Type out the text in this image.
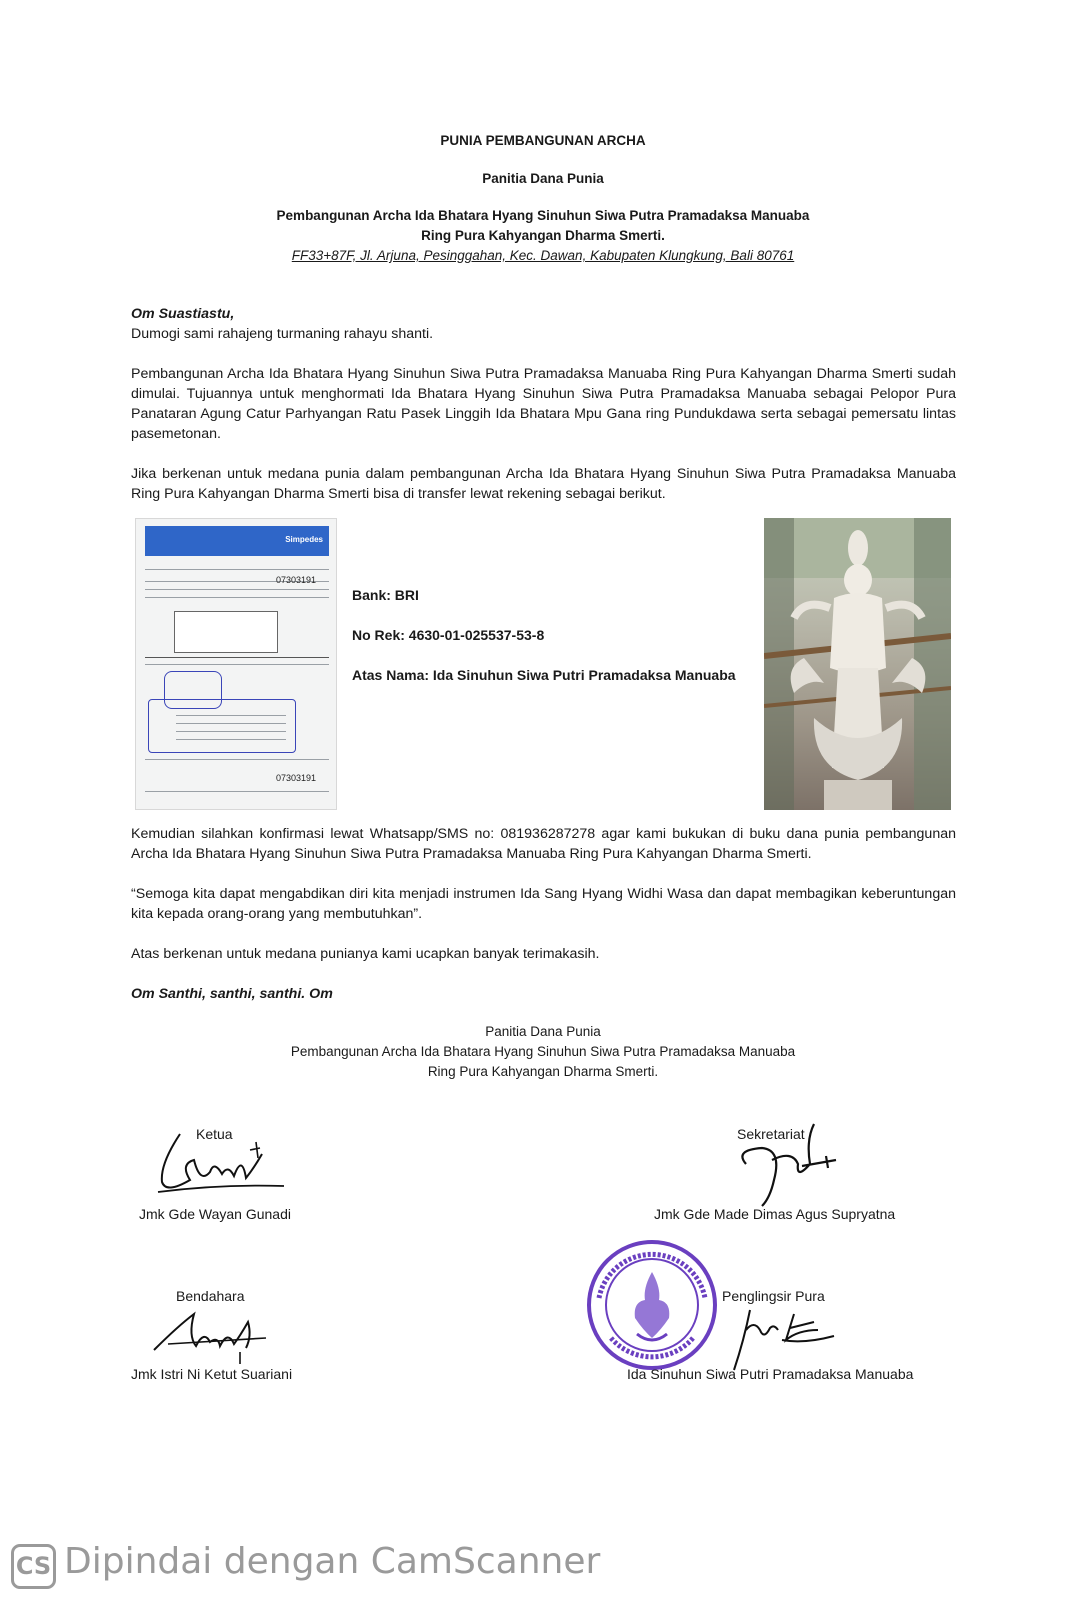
PUNIA PEMBANGUNAN ARCHA
Panitia Dana Punia
Pembangunan Archa Ida Bhatara Hyang Sinuhun Siwa Putra Pramadaksa Manuaba
Ring Pura Kahyangan Dharma Smerti.
FF33+87F, Jl. Arjuna, Pesinggahan, Kec. Dawan, Kabupaten Klungkung, Bali 80761
Om Suastiastu,
Dumogi sami rahajeng turmaning rahayu shanti.

Pembangunan Archa Ida Bhatara Hyang Sinuhun Siwa Putra Pramadaksa Manuaba Ring Pura Kahyangan Dharma Smerti sudah dimulai. Tujuannya untuk menghormati Ida Bhatara Hyang Sinuhun Siwa Putra Pramadaksa Manuaba sebagai Pelopor Pura Panataran Agung Catur Parhyangan Ratu Pasek Linggih Ida Bhatara Mpu Gana ring Pundukdawa serta sebagai pemersatu lintas pasemetonan.

Jika berkenan untuk medana punia dalam pembangunan Archa Ida Bhatara Hyang Sinuhun Siwa Putra Pramadaksa Manuaba Ring Pura Kahyangan Dharma Smerti bisa di transfer lewat rekening sebagai berikut.

Simpedes
07303191
07303191
Bank: BRI
No Rek: 4630-01-025537-53-8
Atas Nama: Ida Sinuhun Siwa Putri Pramadaksa Manuaba

Kemudian silahkan konfirmasi lewat Whatsapp/SMS no: 081936287278 agar kami bukukan di buku dana punia pembangunan Archa Ida Bhatara Hyang Sinuhun Siwa Putra Pramadaksa Manuaba Ring Pura Kahyangan Dharma Smerti.

“Semoga kita dapat mengabdikan diri kita menjadi instrumen Ida Sang Hyang Widhi Wasa dan dapat membagikan keberuntungan kita kepada orang-orang yang membutuhkan”.

Atas berkenan untuk medana punianya kami ucapkan banyak terimakasih.

Om Santhi, santhi, santhi. Om
Panitia Dana Punia
Pembangunan Archa Ida Bhatara Hyang Sinuhun Siwa Putra Pramadaksa Manuaba
Ring Pura Kahyangan Dharma Smerti.
Ketua
Jmk Gde Wayan Gunadi
Sekretariat
Jmk Gde Made Dimas Agus Supryatna
Bendahara
Jmk Istri Ni Ketut Suariani
Penglingsir Pura
Ida Sinuhun Siwa Putri Pramadaksa Manuaba
CS Dipindai dengan CamScanner
